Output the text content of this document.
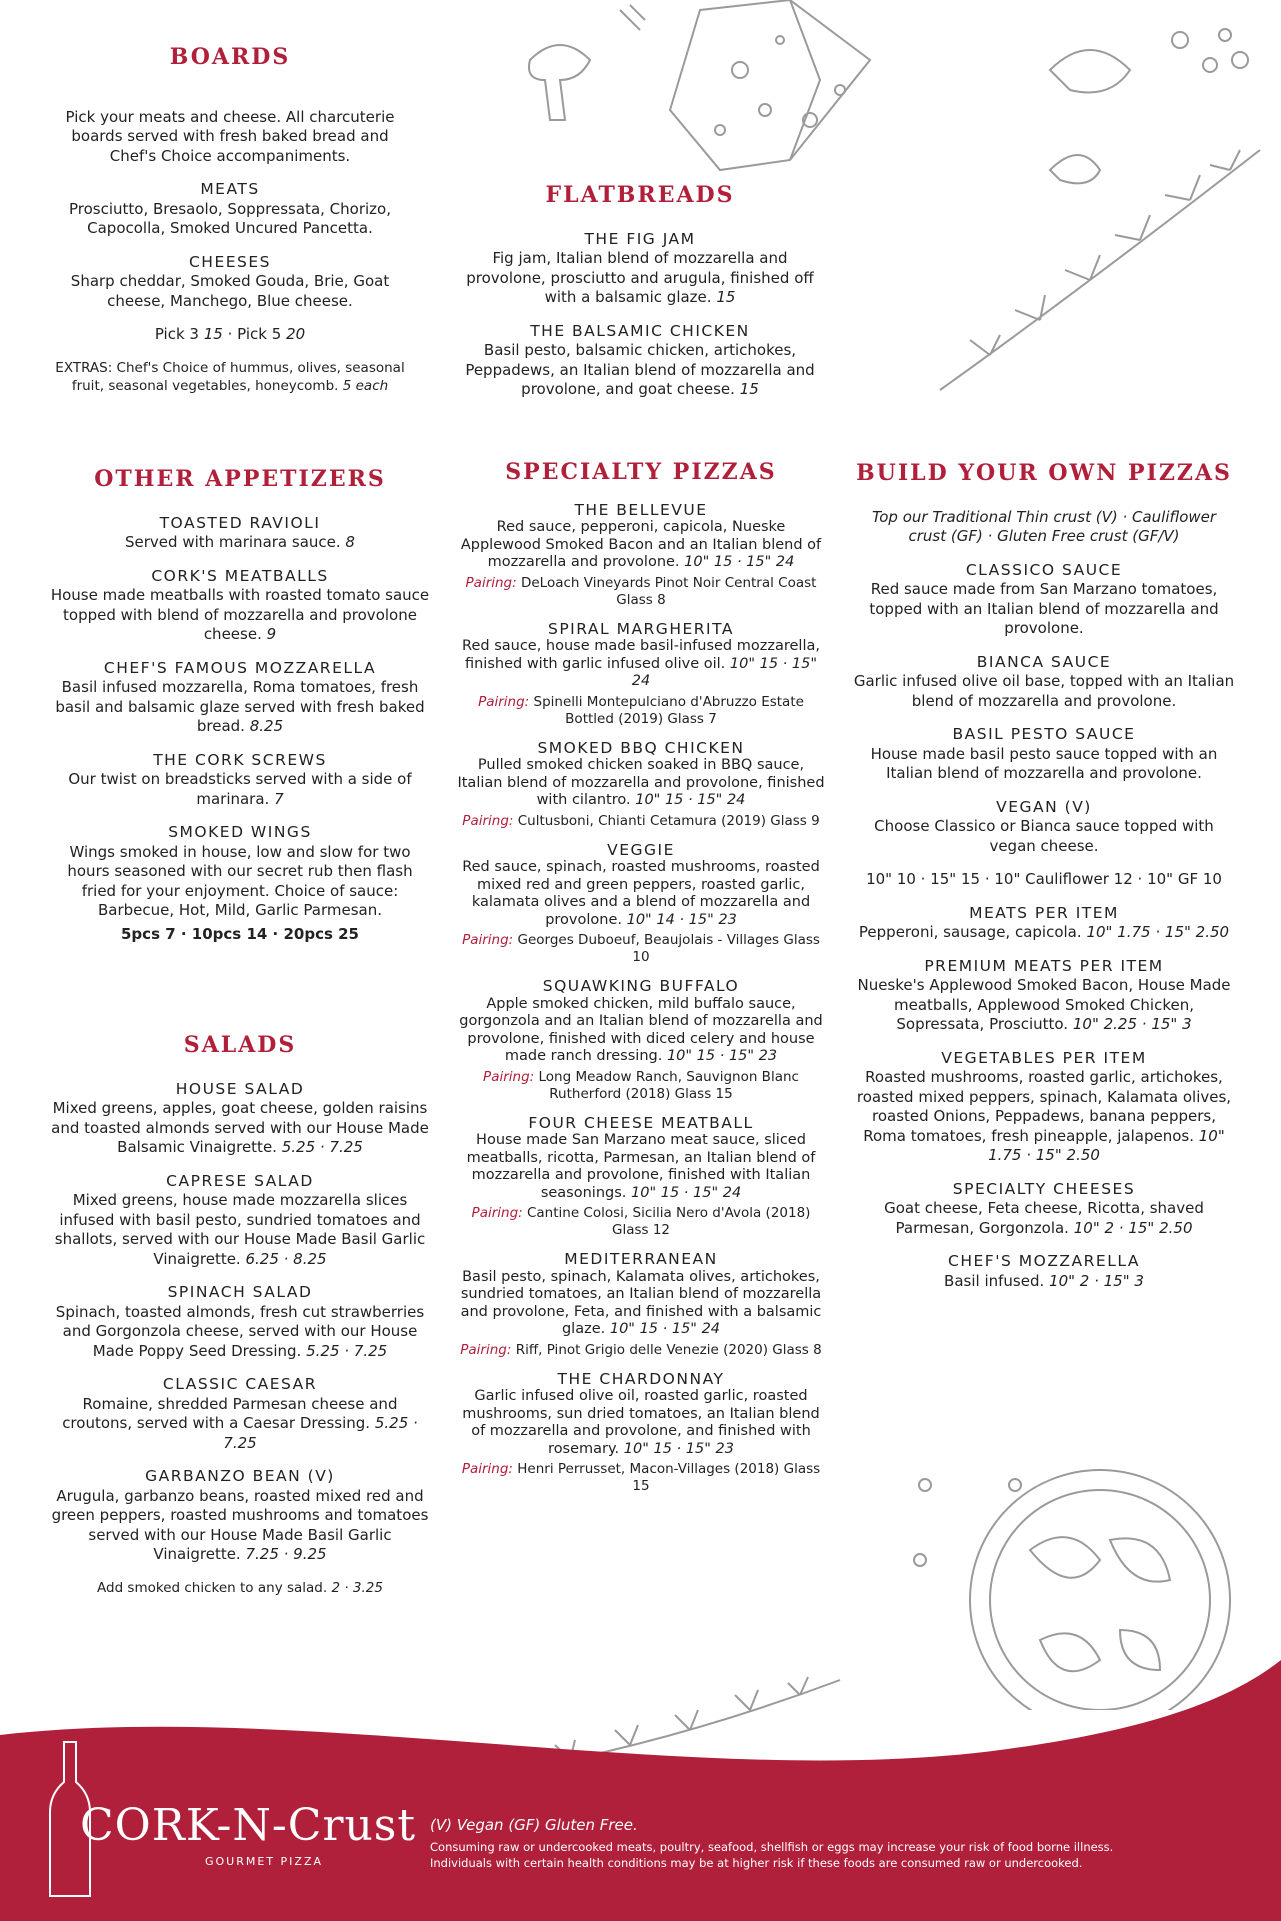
BOARDS

Pick your meats and cheese. All charcuterie boards served with fresh baked bread and Chef's Choice accompaniments.

MEATS

Prosciutto, Bresaolo, Soppressata, Chorizo, Capocolla, Smoked Uncured Pancetta.

CHEESES

Sharp cheddar, Smoked Gouda, Brie, Goat cheese, Manchego, Blue cheese.

Pick 3 15 · Pick 5 20

EXTRAS: Chef's Choice of hummus, olives, seasonal fruit, seasonal vegetables, honeycomb. 5 each

OTHER APPETIZERS
TOASTED RAVIOLI

Served with marinara sauce. 8

CORK'S MEATBALLS

House made meatballs with roasted tomato sauce topped with blend of mozzarella and provolone cheese. 9

CHEF'S FAMOUS MOZZARELLA

Basil infused mozzarella, Roma tomatoes, fresh basil and balsamic glaze served with fresh baked bread. 8.25

THE CORK SCREWS

Our twist on breadsticks served with a side of marinara. 7

SMOKED WINGS

Wings smoked in house, low and slow for two hours seasoned with our secret rub then flash fried for your enjoyment. Choice of sauce: Barbecue, Hot, Mild, Garlic Parmesan.

5pcs 7 · 10pcs 14 · 20pcs 25
SALADS
HOUSE SALAD

Mixed greens, apples, goat cheese, golden raisins and toasted almonds served with our House Made Balsamic Vinaigrette. 5.25 · 7.25

CAPRESE SALAD

Mixed greens, house made mozzarella slices infused with basil pesto, sundried tomatoes and shallots, served with our House Made Basil Garlic Vinaigrette. 6.25 · 8.25

SPINACH SALAD

Spinach, toasted almonds, fresh cut strawberries and Gorgonzola cheese, served with our House Made Poppy Seed Dressing. 5.25 · 7.25

CLASSIC CAESAR

Romaine, shredded Parmesan cheese and croutons, served with a Caesar Dressing. 5.25 · 7.25

GARBANZO BEAN (V)

Arugula, garbanzo beans, roasted mixed red and green peppers, roasted mushrooms and tomatoes served with our House Made Basil Garlic Vinaigrette. 7.25 · 9.25

Add smoked chicken to any salad. 2 · 3.25

FLATBREADS
THE FIG JAM

Fig jam, Italian blend of mozzarella and provolone, prosciutto and arugula, finished off with a balsamic glaze. 15

THE BALSAMIC CHICKEN

Basil pesto, balsamic chicken, artichokes, Peppadews, an Italian blend of mozzarella and provolone, and goat cheese. 15

SPECIALTY PIZZAS
THE BELLEVUE

Red sauce, pepperoni, capicola, Nueske Applewood Smoked Bacon and an Italian blend of mozzarella and provolone. 10" 15 · 15" 24

Pairing: DeLoach Vineyards Pinot Noir Central Coast Glass 8

SPIRAL MARGHERITA

Red sauce, house made basil-infused mozzarella, finished with garlic infused olive oil. 10" 15 · 15" 24

Pairing: Spinelli Montepulciano d'Abruzzo Estate Bottled (2019) Glass 7

SMOKED BBQ CHICKEN

Pulled smoked chicken soaked in BBQ sauce, Italian blend of mozzarella and provolone, finished with cilantro. 10" 15 · 15" 24

Pairing: Cultusboni, Chianti Cetamura (2019) Glass 9

VEGGIE

Red sauce, spinach, roasted mushrooms, roasted mixed red and green peppers, roasted garlic, kalamata olives and a blend of mozzarella and provolone. 10" 14 · 15" 23

Pairing: Georges Duboeuf, Beaujolais - Villages Glass 10

SQUAWKING BUFFALO

Apple smoked chicken, mild buffalo sauce, gorgonzola and an Italian blend of mozzarella and provolone, finished with diced celery and house made ranch dressing. 10" 15 · 15" 23

Pairing: Long Meadow Ranch, Sauvignon Blanc Rutherford (2018) Glass 15

FOUR CHEESE MEATBALL

House made San Marzano meat sauce, sliced meatballs, ricotta, Parmesan, an Italian blend of mozzarella and provolone, finished with Italian seasonings. 10" 15 · 15" 24

Pairing: Cantine Colosi, Sicilia Nero d'Avola (2018) Glass 12

MEDITERRANEAN

Basil pesto, spinach, Kalamata olives, artichokes, sundried tomatoes, an Italian blend of mozzarella and provolone, Feta, and finished with a balsamic glaze. 10" 15 · 15" 24

Pairing: Riff, Pinot Grigio delle Venezie (2020) Glass 8

THE CHARDONNAY

Garlic infused olive oil, roasted garlic, roasted mushrooms, sun dried tomatoes, an Italian blend of mozzarella and provolone, and finished with rosemary. 10" 15 · 15" 23

Pairing: Henri Perrusset, Macon-Villages (2018) Glass 15

BUILD YOUR OWN PIZZAS

Top our Traditional Thin crust (V) · Cauliflower crust (GF) · Gluten Free crust (GF/V)

CLASSICO SAUCE

Red sauce made from San Marzano tomatoes, topped with an Italian blend of mozzarella and provolone.

BIANCA SAUCE

Garlic infused olive oil base, topped with an Italian blend of mozzarella and provolone.

BASIL PESTO SAUCE

House made basil pesto sauce topped with an Italian blend of mozzarella and provolone.

VEGAN (V)

Choose Classico or Bianca sauce topped with vegan cheese.

10" 10 · 15" 15 · 10" Cauliflower 12 · 10" GF 10
MEATS PER ITEM

Pepperoni, sausage, capicola. 10" 1.75 · 15" 2.50

PREMIUM MEATS PER ITEM

Nueske's Applewood Smoked Bacon, House Made meatballs, Applewood Smoked Chicken, Sopressata, Prosciutto. 10" 2.25 · 15" 3

VEGETABLES PER ITEM

Roasted mushrooms, roasted garlic, artichokes, roasted mixed peppers, spinach, Kalamata olives, roasted Onions, Peppadews, banana peppers, Roma tomatoes, fresh pineapple, jalapenos. 10" 1.75 · 15" 2.50

SPECIALTY CHEESES

Goat cheese, Feta cheese, Ricotta, shaved Parmesan, Gorgonzola. 10" 2 · 15" 2.50

CHEF'S MOZZARELLA

Basil infused. 10" 2 · 15" 3

CORK-N-Crust
GOURMET PIZZA
(V) Vegan (GF) Gluten Free.
Consuming raw or undercooked meats, poultry, seafood, shellfish or eggs may increase your risk of food borne illness.
Individuals with certain health conditions may be at higher risk if these foods are consumed raw or undercooked.
